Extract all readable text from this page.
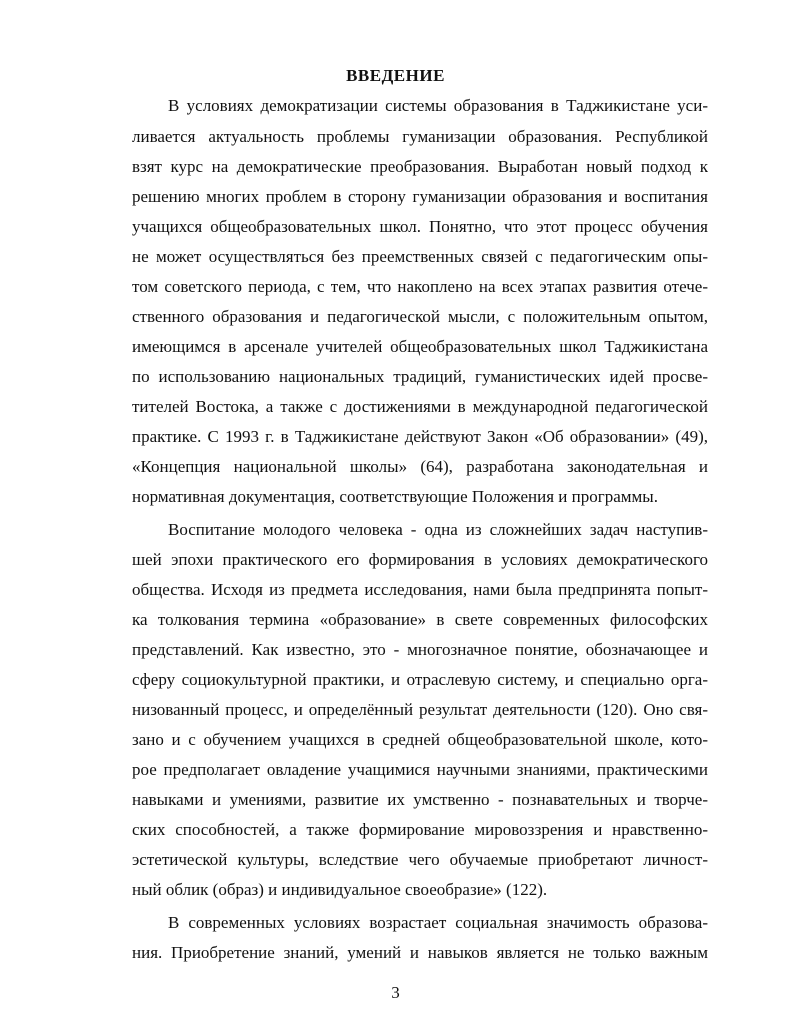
ВВЕДЕНИЕ
В условиях демократизации системы образования в Таджикистане уси-
ливается актуальность проблемы гуманизации образования. Республикой
взят курс на демократические преобразования. Выработан новый подход к
решению многих проблем в сторону гуманизации образования и воспитания
учащихся общеобразовательных школ. Понятно, что этот процесс обучения
не может осуществляться без преемственных связей с педагогическим опы-
том советского периода, с тем, что накоплено на всех этапах развития отече-
ственного образования и педагогической мысли, с положительным опытом,
имеющимся в арсенале учителей общеобразовательных школ Таджикистана
по использованию национальных традиций, гуманистических идей просве-
тителей Востока, а также с достижениями в международной педагогической
практике. С 1993 г. в Таджикистане действуют Закон «Об образовании» (49),
«Концепция национальной школы» (64), разработана законодательная и
нормативная документация, соответствующие Положения и программы.
Воспитание молодого человека - одна из сложнейших задач наступив-
шей эпохи практического его формирования в условиях демократического
общества. Исходя из предмета исследования, нами была предпринята попыт-
ка толкования термина «образование» в свете современных философских
представлений. Как известно, это - многозначное понятие, обозначающее и
сферу социокультурной практики, и отраслевую систему, и специально орга-
низованный процесс, и определённый результат деятельности (120). Оно свя-
зано и с обучением учащихся в средней общеобразовательной школе, кото-
рое предполагает овладение учащимися научными знаниями, практическими
навыками и умениями, развитие их умственно - познавательных и творче-
ских способностей, а также формирование мировоззрения и нравственно-
эстетической культуры, вследствие чего обучаемые приобретают личност-
ный облик (образ) и индивидуальное своеобразие» (122).
В современных условиях возрастает социальная значимость образова-
ния. Приобретение знаний, умений и навыков является не только важным
3
